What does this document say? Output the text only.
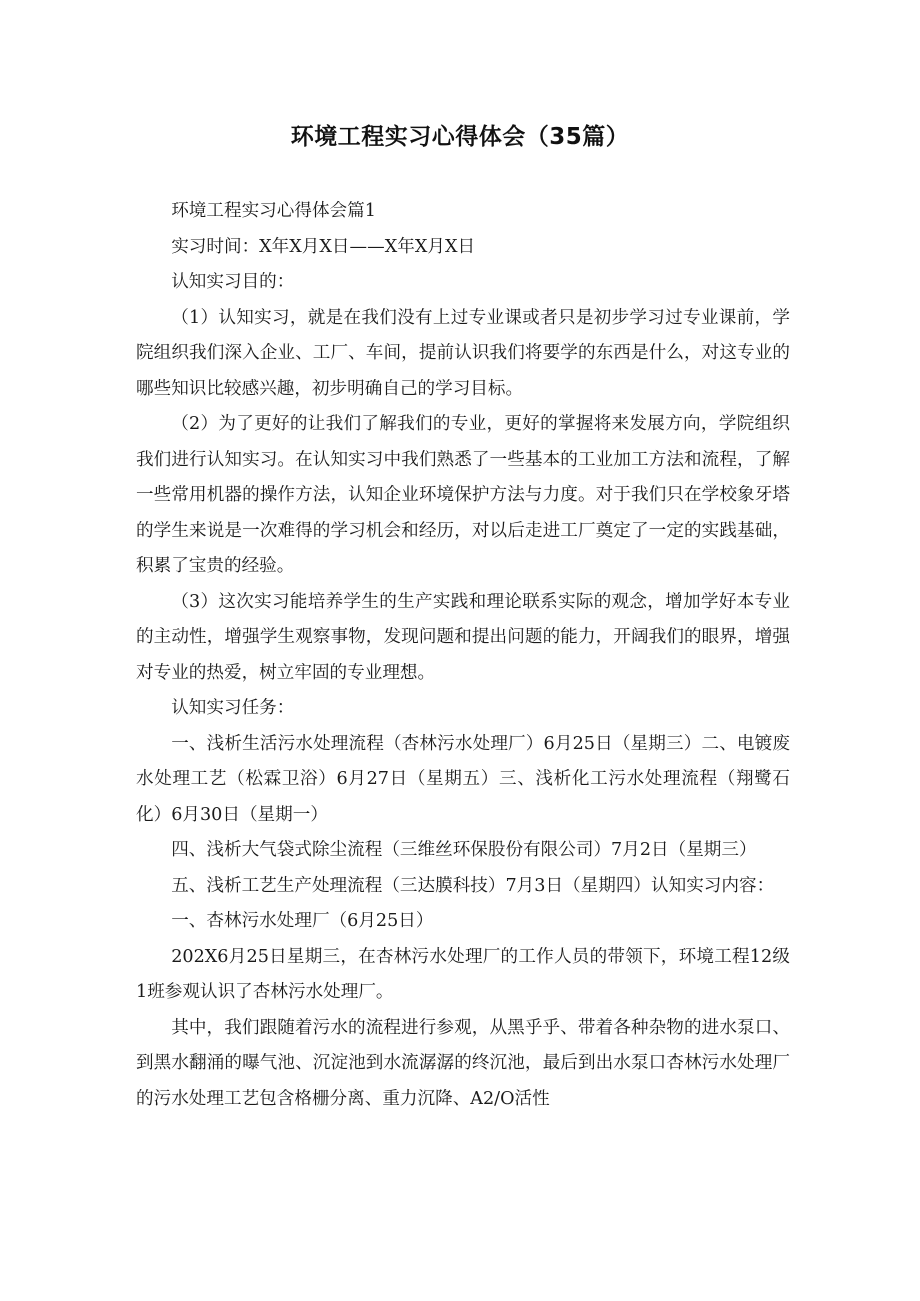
环境工程实习心得体会（35篇）

环境工程实习心得体会篇1

实习时间：X年X月X日——X年X月X日

认知实习目的：

（1）认知实习，就是在我们没有上过专业课或者只是初步学习过专业课前，学院组织我们深入企业、工厂、车间，提前认识我们将要学的东西是什么，对这专业的哪些知识比较感兴趣，初步明确自己的学习目标。

（2）为了更好的让我们了解我们的专业，更好的掌握将来发展方向，学院组织我们进行认知实习。在认知实习中我们熟悉了一些基本的工业加工方法和流程，了解一些常用机器的操作方法，认知企业环境保护方法与力度。对于我们只在学校象牙塔的学生来说是一次难得的学习机会和经历，对以后走进工厂奠定了一定的实践基础，积累了宝贵的经验。

（3）这次实习能培养学生的生产实践和理论联系实际的观念，增加学好本专业的主动性，增强学生观察事物，发现问题和提出问题的能力，开阔我们的眼界，增强对专业的热爱，树立牢固的专业理想。

认知实习任务：

一、浅析生活污水处理流程（杏林污水处理厂）6月25日（星期三）二、电镀废水处理工艺（松霖卫浴）6月27日（星期五）三、浅析化工污水处理流程（翔鹭石化）6月30日（星期一）

四、浅析大气袋式除尘流程（三维丝环保股份有限公司）7月2日（星期三）

五、浅析工艺生产处理流程（三达膜科技）7月3日（星期四）认知实习内容：

一、杏林污水处理厂（6月25日）

202X6月25日星期三，在杏林污水处理厂的工作人员的带领下，环境工程12级1班参观认识了杏林污水处理厂。

其中，我们跟随着污水的流程进行参观，从黑乎乎、带着各种杂物的进水泵口、到黑水翻涌的曝气池、沉淀池到水流潺潺的终沉池，最后到出水泵口杏林污水处理厂的污水处理工艺包含格栅分离、重力沉降、A2/O活性
